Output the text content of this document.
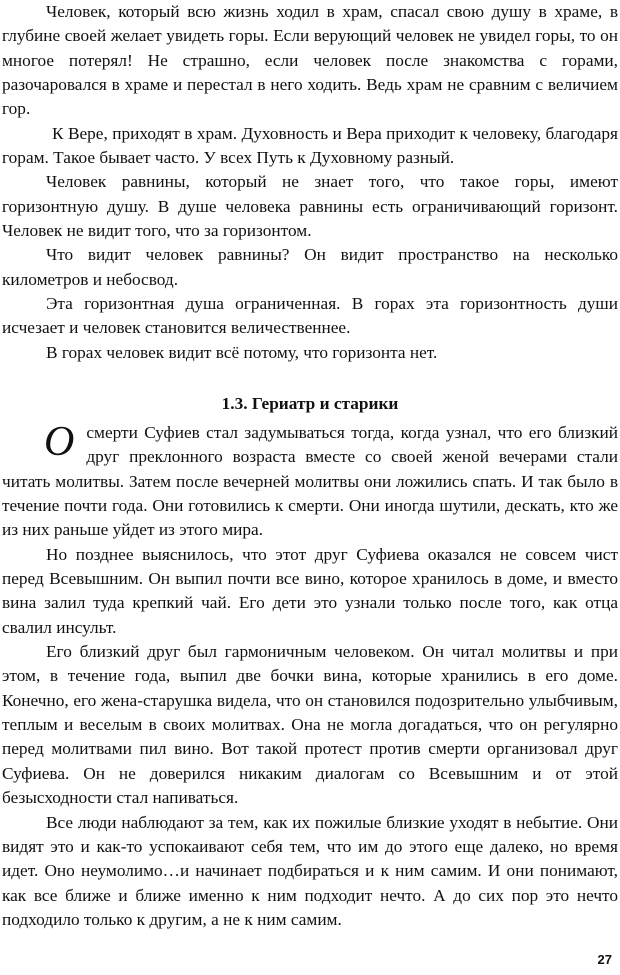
Человек, который всю жизнь ходил в храм, спасал свою душу в храме, в глубине своей желает увидеть горы. Если верующий человек не увидел горы, то он многое потерял! Не страшно, если человек после знакомства с горами, разочаровался в храме и перестал в него ходить. Ведь храм не сравним с величием гор.

К Вере, приходят в храм. Духовность и Вера приходит к человеку, благодаря горам. Такое бывает часто. У всех Путь к Духовному разный.

Человек равнины, который не знает того, что такое горы, имеют горизонтную душу. В душе человека равнины есть ограничивающий горизонт. Человек не видит того, что за горизонтом.

Что видит человек равнины? Он видит пространство на несколько километров и небосвод.

Эта горизонтная душа ограниченная. В горах эта горизонтность души исчезает и человек становится величественнее.

В горах человек видит всё потому, что горизонта нет.

1.3. Гериатр и старики

Осмерти Суфиев стал задумываться тогда, когда узнал, что его близкий друг преклонного возраста вместе со своей женой вечерами стали читать молитвы. Затем после вечерней молитвы они ложились спать. И так было в течение почти года. Они готовились к смерти. Они иногда шутили, дескать, кто же из них раньше уйдет из этого мира.

Но позднее выяснилось, что этот друг Суфиева оказался не совсем чист перед Всевышним. Он выпил почти все вино, которое хранилось в доме, и вместо вина залил туда крепкий чай. Его дети это узнали только после того, как отца свалил инсульт.

Его близкий друг был гармоничным человеком. Он читал молитвы и при этом, в течение года, выпил две бочки вина, которые хранились в его доме. Конечно, его жена-старушка видела, что он становился подозрительно улыбчивым, теплым и веселым в своих молитвах. Она не могла догадаться, что он регулярно перед молитвами пил вино. Вот такой протест против смерти организовал друг Суфиева. Он не доверился никаким диалогам со Всевышним и от этой безысходности стал напиваться.

Все люди наблюдают за тем, как их пожилые близкие уходят в небытие. Они видят это и как-то успокаивают себя тем, что им до этого еще далеко, но время идет. Оно неумолимо…и начинает подбираться и к ним самим. И они понимают, как все ближе и ближе именно к ним подходит нечто. А до сих пор это нечто подходило только к другим, а не к ним самим.

27
